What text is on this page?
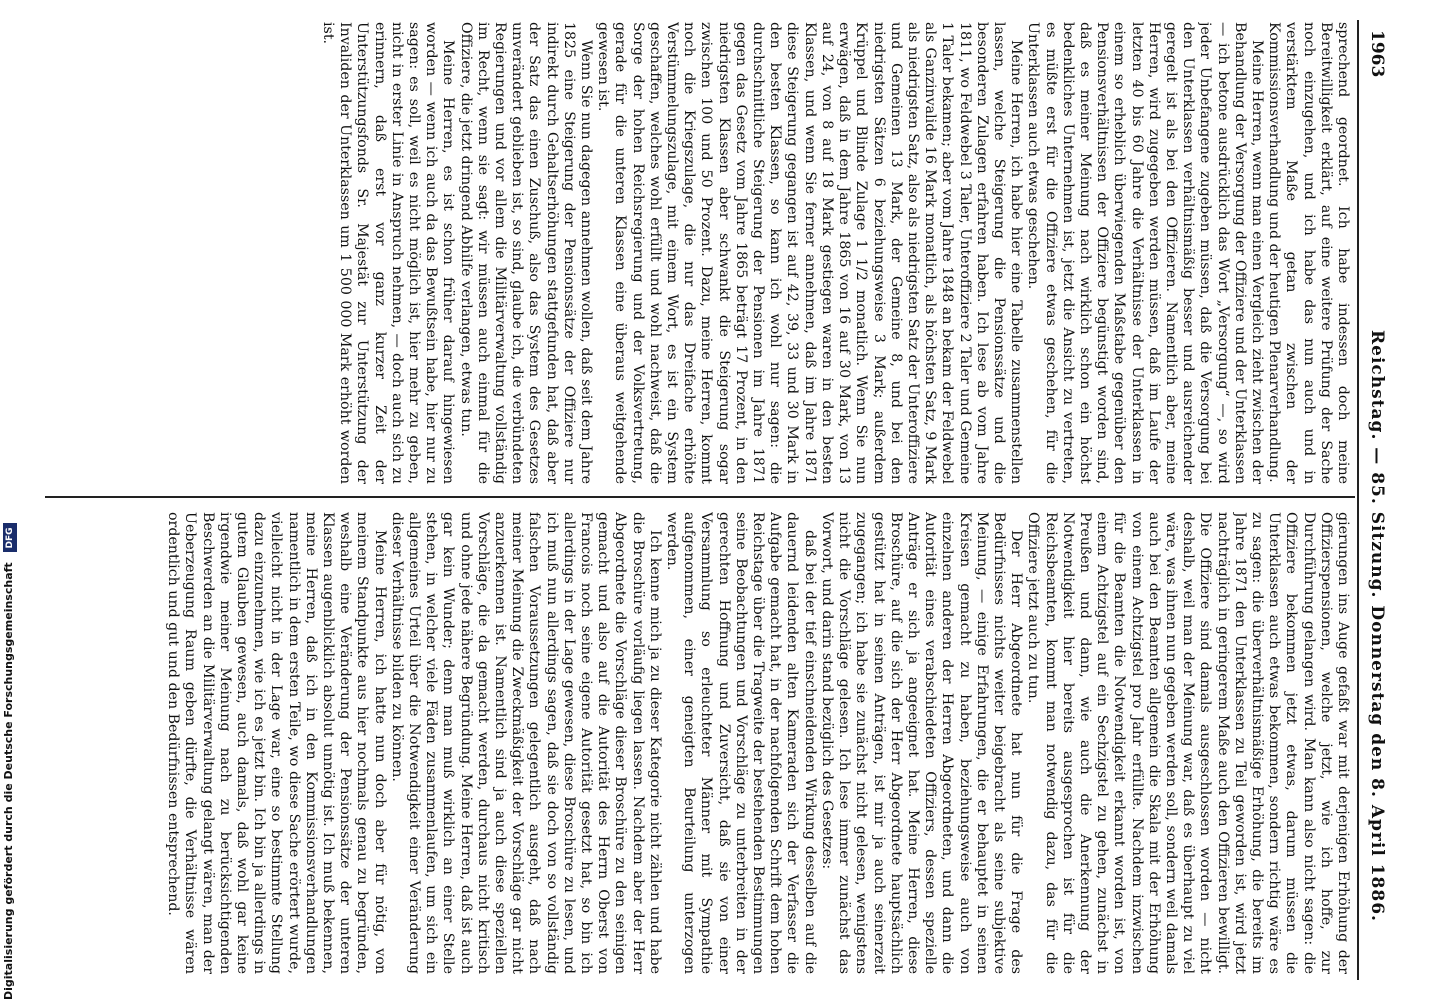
1963
Reichstag. — 85. Sitzung. Donnerstag den 8. April 1886.

sprechend geordnet. Ich habe indessen doch meine Bereitwilligkeit erklärt, auf eine weitere Prüfung der Sache noch einzugehen, und ich habe das nun auch und in verstärktem Maße getan zwischen der Kommissionsverhandlung und der heutigen Plenarverhandlung.

Meine Herren, wenn man einen Vergleich zieht zwischen der Behandlung der Versorgung der Offiziere und der Unterklassen — ich betone ausdrücklich das Wort „Versorgung“ —, so wird jeder Unbefangene zugeben müssen, daß die Versorgung bei den Unterklassen verhältnismäßig besser und ausreichender geregelt ist als bei den Offizieren. Namentlich aber, meine Herren, wird zugegeben werden müssen, daß im Laufe der letzten 40 bis 60 Jahre die Verhältnisse der Unterklassen in einem so erheblich überwiegenden Maßstabe gegenüber den Pensionsverhältnissen der Offiziere begünstigt worden sind, daß es meiner Meinung nach wirklich schon ein höchst bedenkliches Unternehmen ist, jetzt die Ansicht zu vertreten, es müßte erst für die Offiziere etwas geschehen, für die Unterklassen auch etwas geschehen.

Meine Herren, ich habe hier eine Tabelle zusammenstellen lassen, welche Steigerung die Pensionssätze und die besonderen Zulagen erfahren haben. Ich lese ab vom Jahre 1811, wo Feldwebel 3 Taler, Unteroffiziere 2 Taler und Gemeine 1 Taler bekamen; aber vom Jahre 1848 an bekam der Feldwebel als Ganzinvalide 16 Mark monatlich, als höchsten Satz, 9 Mark als niedrigsten Satz, also als niedrigsten Satz der Unteroffiziere und Gemeinen 13 Mark, der Gemeine 8, und bei den niedrigsten Sätzen 6 beziehungsweise 3 Mark; außerdem Krüppel und Blinde Zulage 1 1/2 monatlich. Wenn Sie nun erwägen, daß in dem Jahre 1865 von 16 auf 30 Mark, von 13 auf 24, von 8 auf 18 Mark gestiegen waren in den besten Klassen, und wenn Sie ferner annehmen, daß im Jahre 1871 diese Steigerung gegangen ist auf 42, 39, 33 und 30 Mark in den besten Klassen, so kann ich wohl nur sagen: die durchschnittliche Steigerung der Pensionen im Jahre 1871 gegen das Gesetz vom Jahre 1865 beträgt 17 Prozent, in den niedrigsten Klassen aber schwankt die Steigerung sogar zwischen 100 und 50 Prozent. Dazu, meine Herren, kommt noch die Kriegszulage, die nur das Dreifache erhöhte Verstümmelungszulage, mit einem Wort, es ist ein System geschaffen, welches wohl erfüllt und wohl nachweist, daß die Sorge der hohen Reichsregierung und der Volksvertretung, gerade für die unteren Klassen eine überaus weitgehende gewesen ist.

Wenn Sie nun dagegen annehmen wollen, daß seit dem Jahre 1825 eine Steigerung der Pensionssätze der Offiziere nur indirekt durch Gehaltserhöhungen stattgefunden hat, daß aber der Satz das einen Zuschuß, also das System des Gesetzes unverändert geblieben ist, so sind, glaube ich, die verbündeten Regierungen und vor allem die Militärverwaltung vollständig im Recht, wenn sie sagt: wir müssen auch einmal für die Offiziere, die jetzt dringend Abhilfe verlangen, etwas tun.

Meine Herren, es ist schon früher darauf hingewiesen worden — wenn ich auch da das Bewußtsein habe, hier nur zu sagen: es soll, weil es nicht möglich ist, hier mehr zu geben, nicht in erster Linie in Anspruch nehmen, — doch auch sich zu erinnern, daß erst vor ganz kurzer Zeit der Unterstützungsfonds Sr. Majestät zur Unterstützung der Invaliden der Unterklassen um 1 500 000 Mark erhöht worden ist.

gierungen ins Auge gefaßt war mit derjenigen Erhöhung der Offizierspensionen, welche jetzt, wie ich hoffe, zur Durchführung gelangen wird. Man kann also nicht sagen: die Offiziere bekommen jetzt etwas, darum müssen die Unterklassen auch etwas bekommen, sondern richtig wäre es zu sagen: die überverhältnismäßige Erhöhung, die bereits im Jahre 1871 den Unterklassen zu Teil geworden ist, wird jetzt nachträglich in geringerem Maße auch den Offizieren bewilligt. Die Offiziere sind damals ausgeschlossen worden — nicht deshalb, weil man der Meinung war, daß es überhaupt zu viel wäre, was ihnen nun gegeben werden soll, sondern weil damals auch bei den Beamten allgemein die Skala mit der Erhöhung von einem Achtzigstel pro Jahr erfüllte. Nachdem inzwischen für die Beamten die Notwendigkeit erkannt worden ist, von einem Achtzigstel auf ein Sechzigstel zu gehen, zunächst in Preußen und dann, wie auch die Anerkennung der Notwendigkeit hier bereits ausgesprochen ist für die Reichsbeamten, kommt man notwendig dazu, das für die Offiziere jetzt auch zu tun.

Der Herr Abgeordnete hat nun für die Frage des Bedürfnisses nichts weiter beigebracht als seine subjektive Meinung, — einige Erfahrungen, die er behauptet in seinen Kreisen gemacht zu haben, beziehungsweise auch von einzelnen anderen der Herren Abgeordneten, und dann die Autorität eines verabschiedeten Offiziers, dessen spezielle Anträge er sich ja angeeignet hat. Meine Herren, diese Broschüre, auf die sich der Herr Abgeordnete hauptsächlich gestützt hat in seinen Anträgen, ist mir ja auch seinerzeit zugegangen; ich habe sie zunächst nicht gelesen, wenigstens nicht die Vorschläge gelesen. Ich lese immer zunächst das Vorwort, und darin stand bezüglich des Gesetzes:

daß bei der tief einschneidenden Wirkung desselben auf die dauernd leidenden alten Kameraden sich der Verfasser die Aufgabe gemacht hat, in der nachfolgenden Schrift dem hohen Reichstage über die Tragweite der bestehenden Bestimmungen seine Beobachtungen und Vorschläge zu unterbreiten in der gerechten Hoffnung und Zuversicht, daß sie von einer Versammlung so erleuchteter Männer mit Sympathie aufgenommen, einer geneigten Beurteilung unterzogen werden.

Ich kenne mich ja zu dieser Kategorie nicht zählen und habe die Broschüre vorläufig liegen lassen. Nachdem aber der Herr Abgeordnete die Vorschläge dieser Broschüre zu den seinigen gemacht und also auf die Autorität des Herrn Oberst von Francois noch seine eigene Autorität gesetzt hat, so bin ich allerdings in der Lage gewesen, diese Broschüre zu lesen, und ich muß nun allerdings sagen, daß sie doch von so vollständig falschen Voraussetzungen gelegentlich ausgeht, daß nach meiner Meinung die Zweckmäßigkeit der Vorschläge gar nicht anzuerkennen ist. Namentlich sind ja auch diese speziellen Vorschläge, die da gemacht werden, durchaus nicht kritisch und ohne jede nähere Begründung. Meine Herren, daß ist auch gar kein Wunder; denn man muß wirklich an einer Stelle stehen, in welcher viele Fäden zusammenlaufen, um sich ein allgemeines Urteil über die Notwendigkeit einer Veränderung dieser Verhältnisse bilden zu können.

Meine Herren, ich hatte nun doch aber für nötig, von meinem Standpunkte aus hier nochmals genau zu begründen, weshalb eine Veränderung der Pensionssätze der unteren Klassen augenblicklich absolut unnötig ist. Ich muß bekennen, meine Herren, daß ich in den Kommissionsverhandlungen namentlich in dem ersten Teile, wo diese Sache erörtert wurde, vielleicht nicht in der Lage war, eine so bestimmte Stellung dazu einzunehmen, wie ich es jetzt bin. Ich bin ja allerdings in gutem Glauben gewesen, auch damals, daß wohl gar keine irgendwie meiner Meinung nach zu berücksichtigenden Beschwerden an die Militärverwaltung gelangt wären, man der Ueberzeugung Raum geben dürfte, die Verhältnisse wären ordentlich und gut und den Bedürfnissen entsprechend.

Digitalisierung gefördert durch die Deutsche Forschungsgemeinschaft DFG
